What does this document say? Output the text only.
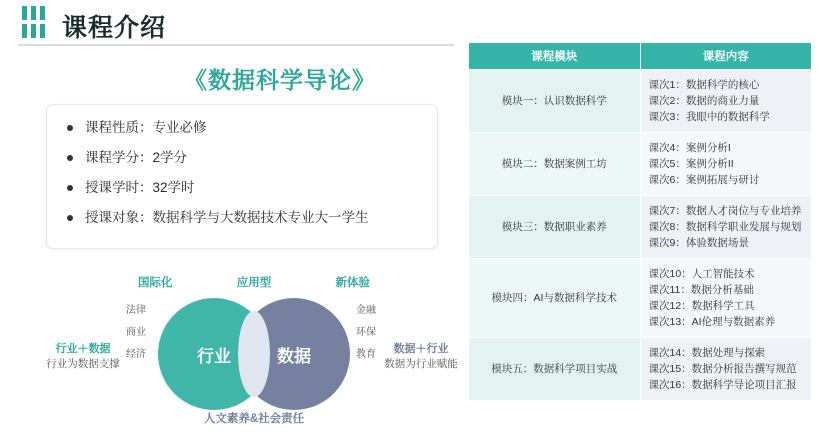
课程介绍
《数据科学导论》
课程性质：专业必修
课程学分：2学分
授课学时：32学时
授课对象：数据科学与大数据技术专业大一学生
国际化	应用型	新体验
法律
商业
经济
金融
环保
教育
行业	数据
人文素养&社会责任
行业＋数据
行业为数据支撑
数据＋行业
数据为行业赋能
课程模块	课程内容
模块一：认识数据科学	课次1：数据科学的核心
课次2：数据的商业力量
课次3：我眼中的数据科学

模块二：数据案例工坊	课次4：案例分析I
课次5：案例分析II
课次6：案例拓展与研讨

模块三：数据职业素养	课次7：数据人才岗位与专业培养
课次8：数据科学职业发展与规划
课次9：体验数据场景

模块四：AI与数据科学技术	课次10：人工智能技术
课次11：数据分析基础
课次12：数据科学工具
课次13：AI伦理与数据素养

模块五：数据科学项目实战	课次14：数据处理与探索
课次15：数据分析报告撰写规范
课次16：数据科学导论项目汇报
